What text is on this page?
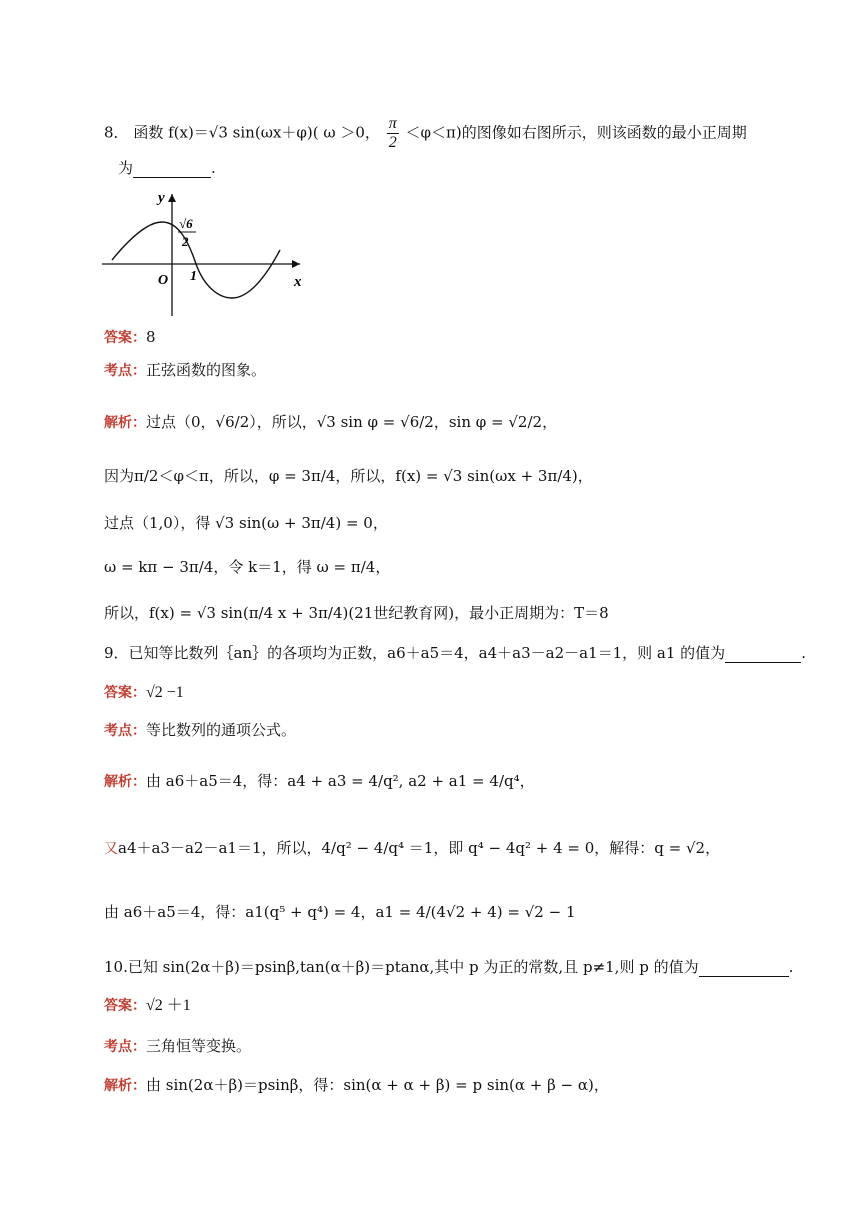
8． 函数 f(x)＝√3 sin(ωx＋φ)( ω ＞0， $\frac{\pi}{2} <\varphi<\pi$)的图像如右图所示，则该函数的最小正周期
为	.
y
x
O 1
√6
2
答案：8
考点：正弦函数的图象。
解析：过点（0，√6/2），所以，√3 sin φ = √6/2，sin φ = √2/2，
因为π/2＜φ＜π，所以，φ = 3π/4，所以，f(x) = √3 sin(ωx + 3π/4)，
过点（1,0），得 √3 sin(ω + 3π/4) = 0，
ω = kπ − 3π/4，令 k＝1，得 ω = π/4，
所以，f(x) = √3 sin(π/4 x + 3π/4)(21世纪教育网)，最小正周期为：T＝8
9．已知等比数列｛an｝的各项均为正数，a6＋a5＝4，a4＋a3－a2－a1＝1，则 a1 的值为	.
答案：√2 −1
考点：等比数列的通项公式。
解析：由 a6＋a5＝4，得：a4 + a3 = 4/q², a2 + a1 = 4/q⁴，
又a4＋a3－a2－a1＝1，所以，4/q² − 4/q⁴ ＝1，即 q⁴ − 4q² + 4 = 0，解得：q = √2，
由 a6＋a5＝4，得：a1(q⁵ + q⁴) = 4，a1 = 4/(4√2 + 4) = √2 − 1
10.已知 sin(2α＋β)＝psinβ,tan(α＋β)＝ptanα,其中 p 为正的常数,且 p≠1,则 p 的值为	.
答案：√2 ＋1
考点：三角恒等变换。
解析：由 sin(2α＋β)＝psinβ，得：sin(α + α + β) = p sin(α + β − α)，
